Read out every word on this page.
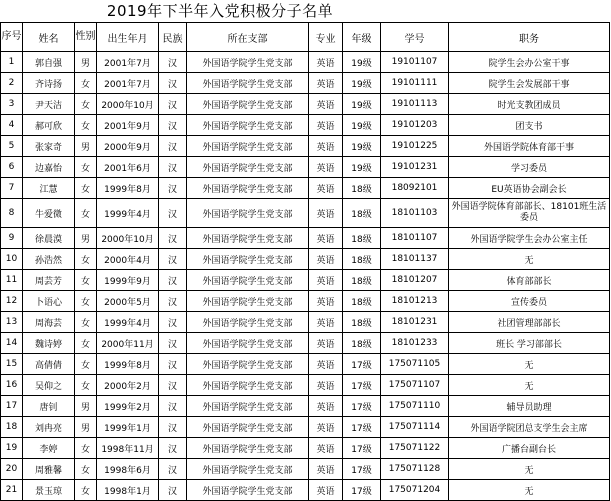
2019年下半年入党积极分子名单
序号	姓名	性别	出生年月	民族	所在支部	专业	年级	学号	职务
1	郭自强	男	2001年7月	汉	外国语学院学生党支部	英语	19级	19101107	院学生会办公室干事
2	齐诗扬	女	2001年7月	汉	外国语学院学生党支部	英语	19级	19101111	院学生会发展部干事
3	尹天洁	女	2000年10月	汉	外国语学院学生党支部	英语	19级	19101113	时光支教团成员
4	郝可欣	女	2001年9月	汉	外国语学院学生党支部	英语	19级	19101203	团支书
5	张家奇	男	2000年9月	汉	外国语学院学生党支部	英语	19级	19101225	外国语学院体育部干事
6	边嘉怡	女	2001年6月	汉	外国语学院学生党支部	英语	19级	19101231	学习委员
7	江慧	女	1999年8月	汉	外国语学院学生党支部	英语	18级	18092101	EU英语协会副会长
8	牛爱微	女	1999年4月	汉	外国语学院学生党支部	英语	18级	18101103	外国语学院体育部部长、18101班生活委员
9	徐晨漠	男	2000年10月	汉	外国语学院学生党支部	英语	18级	18101107	外国语学院学生会办公室主任
10	孙浩然	女	2000年4月	汉	外国语学院学生党支部	英语	18级	18101137	无
11	周芸芳	女	1999年9月	汉	外国语学院学生党支部	英语	18级	18101207	体育部部长
12	卜语心	女	2000年5月	汉	外国语学院学生党支部	英语	18级	18101213	宣传委员
13	周海芸	女	1999年4月	汉	外国语学院学生党支部	英语	18级	18101231	社团管理部部长
14	魏诗婷	女	2000年11月	汉	外国语学院学生党支部	英语	18级	18101233	班长 学习部部长
15	高倩倩	女	1999年8月	汉	外国语学院学生党支部	英语	17级	175071105	无
16	吴仰之	女	2000年2月	汉	外国语学院学生党支部	英语	17级	175071107	无
17	唐钊	男	1999年2月	汉	外国语学院学生党支部	英语	17级	175071110	辅导员助理
18	刘冉亮	男	1999年1月	汉	外国语学院学生党支部	英语	17级	175071114	外国语学院团总支学生会主席
19	李婷	女	1998年11月	汉	外国语学院学生党支部	英语	17级	175071122	广播台副台长
20	周雅馨	女	1998年6月	汉	外国语学院学生党支部	英语	17级	175071128	无
21	景玉琼	女	1998年1月	汉	外国语学院学生党支部	英语	17级	175071204	无
